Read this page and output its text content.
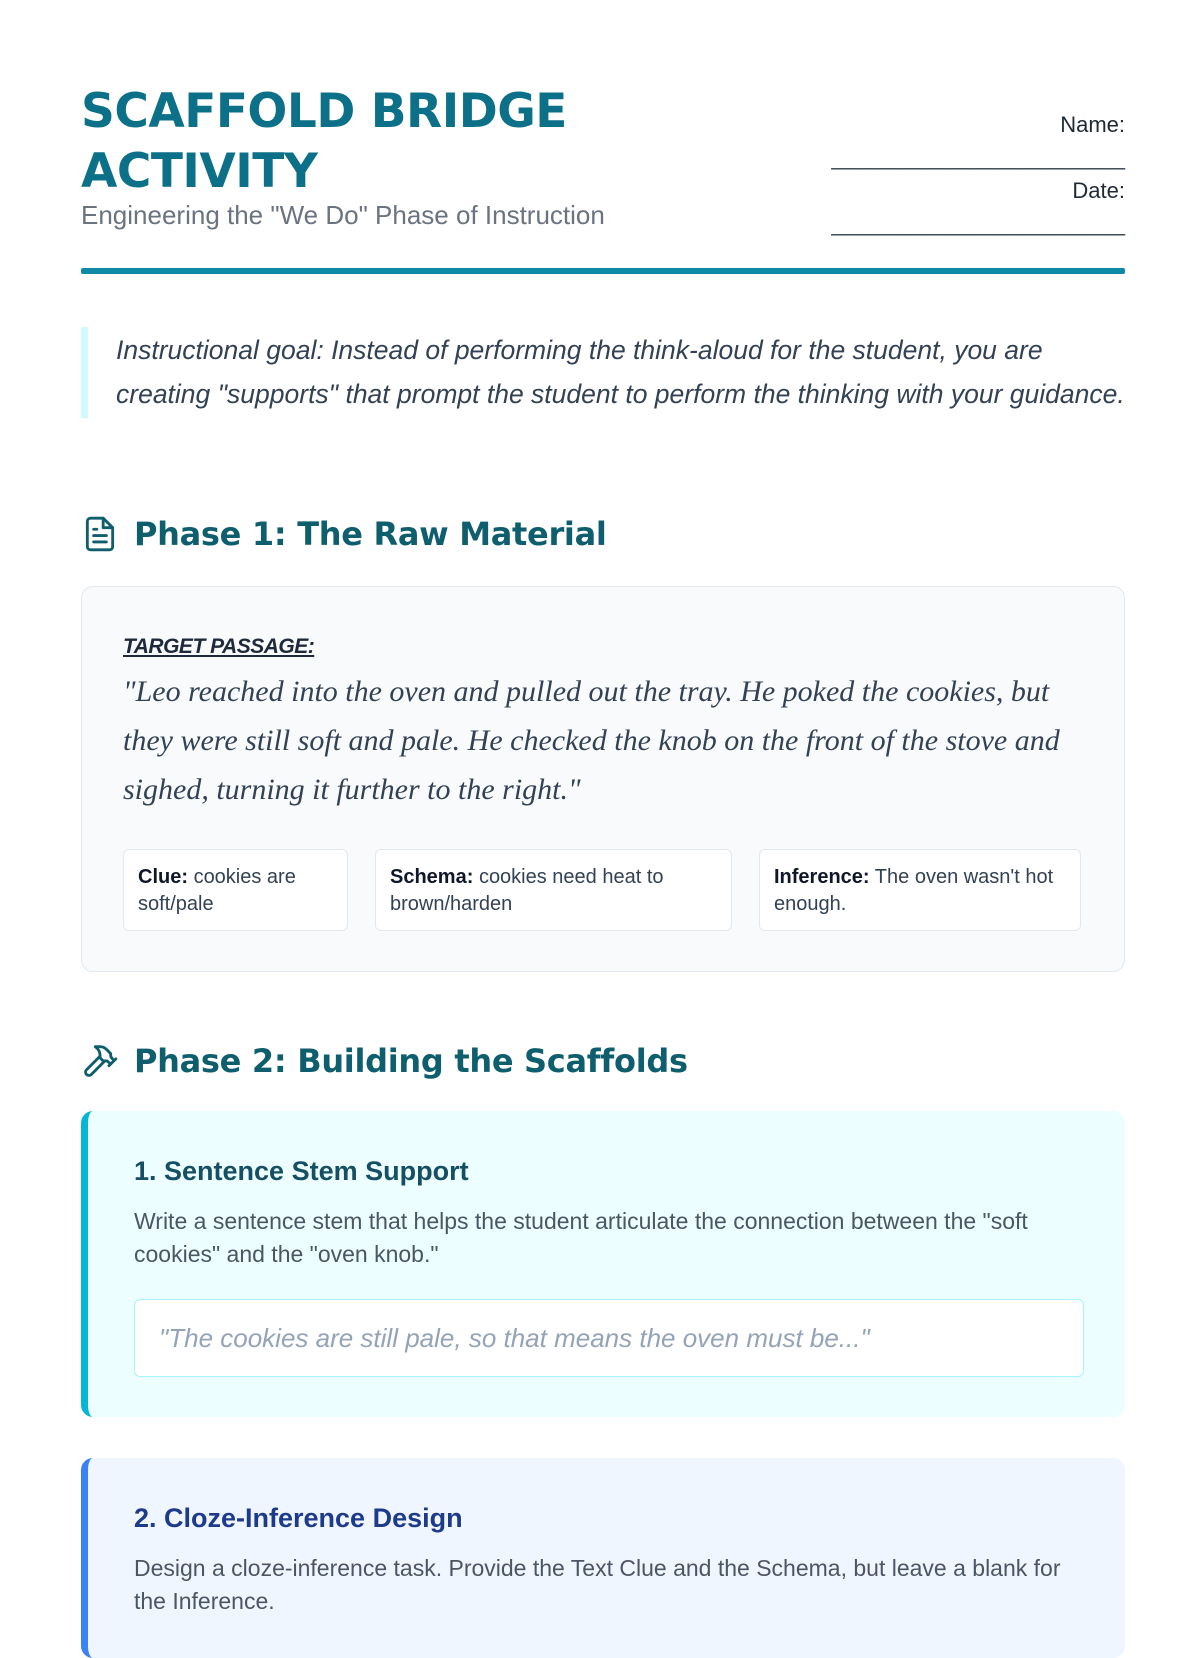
SCAFFOLD BRIDGE ACTIVITY

Engineering the "We Do" Phase of Instruction

Name:
________________________
Date:
________________________
Instructional goal: Instead of performing the think-aloud for the student, you are creating "supports" that prompt the student to perform the thinking with your guidance.
Phase 1: The Raw Material
TARGET PASSAGE:
"Leo reached into the oven and pulled out the tray. He poked the cookies, but they were still soft and pale. He checked the knob on the front of the stove and sighed, turning it further to the right."
Clue: cookies are soft/pale
Schema: cookies need heat to brown/harden
Inference: The oven wasn't hot enough.
Phase 2: Building the Scaffolds
1. Sentence Stem Support

Write a sentence stem that helps the student articulate the connection between the "soft cookies" and the "oven knob."

"The cookies are still pale, so that means the oven must be..."
2. Cloze-Inference Design

Design a cloze-inference task. Provide the Text Clue and the Schema, but leave a blank for the Inference.
